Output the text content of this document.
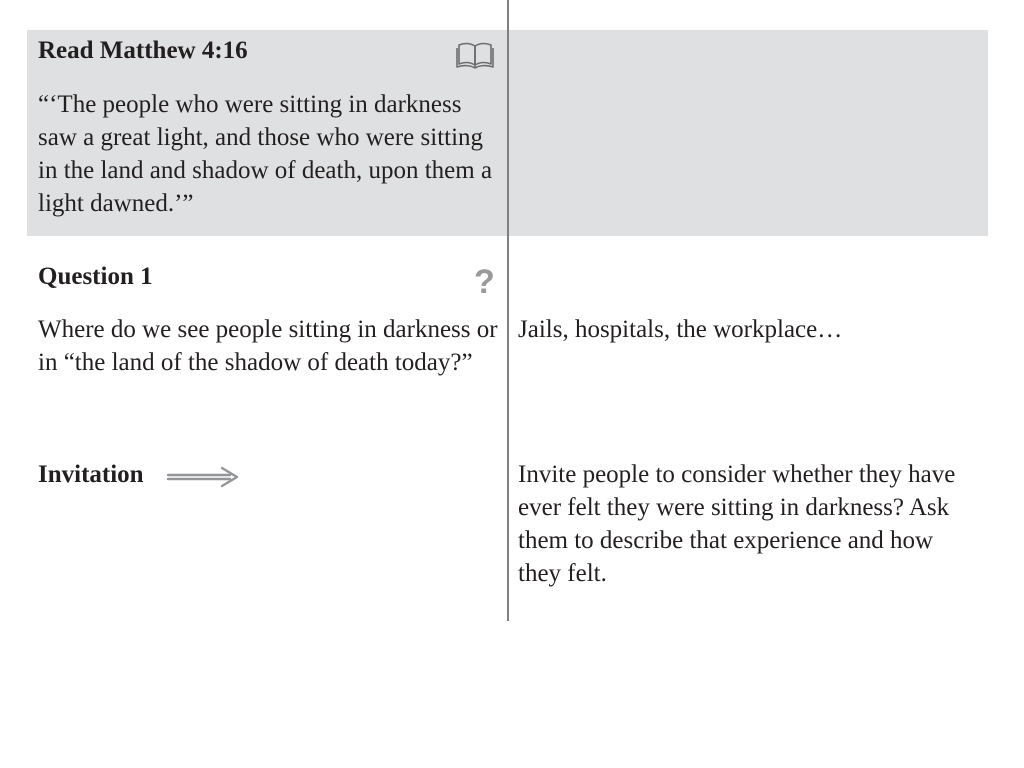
Read Matthew 4:16
“‘The people who were sitting in darkness saw a great light, and those who were sitting in the land and shadow of death, upon them a light dawned.’”
Question 1	?
Where do we see people sitting in darkness or in “the land of the shadow of death today?”
Jails, hospitals, the workplace…
Invitation	Invite people to consider whether they have ever felt they were sitting in darkness? Ask them to describe that experience and how they felt.
